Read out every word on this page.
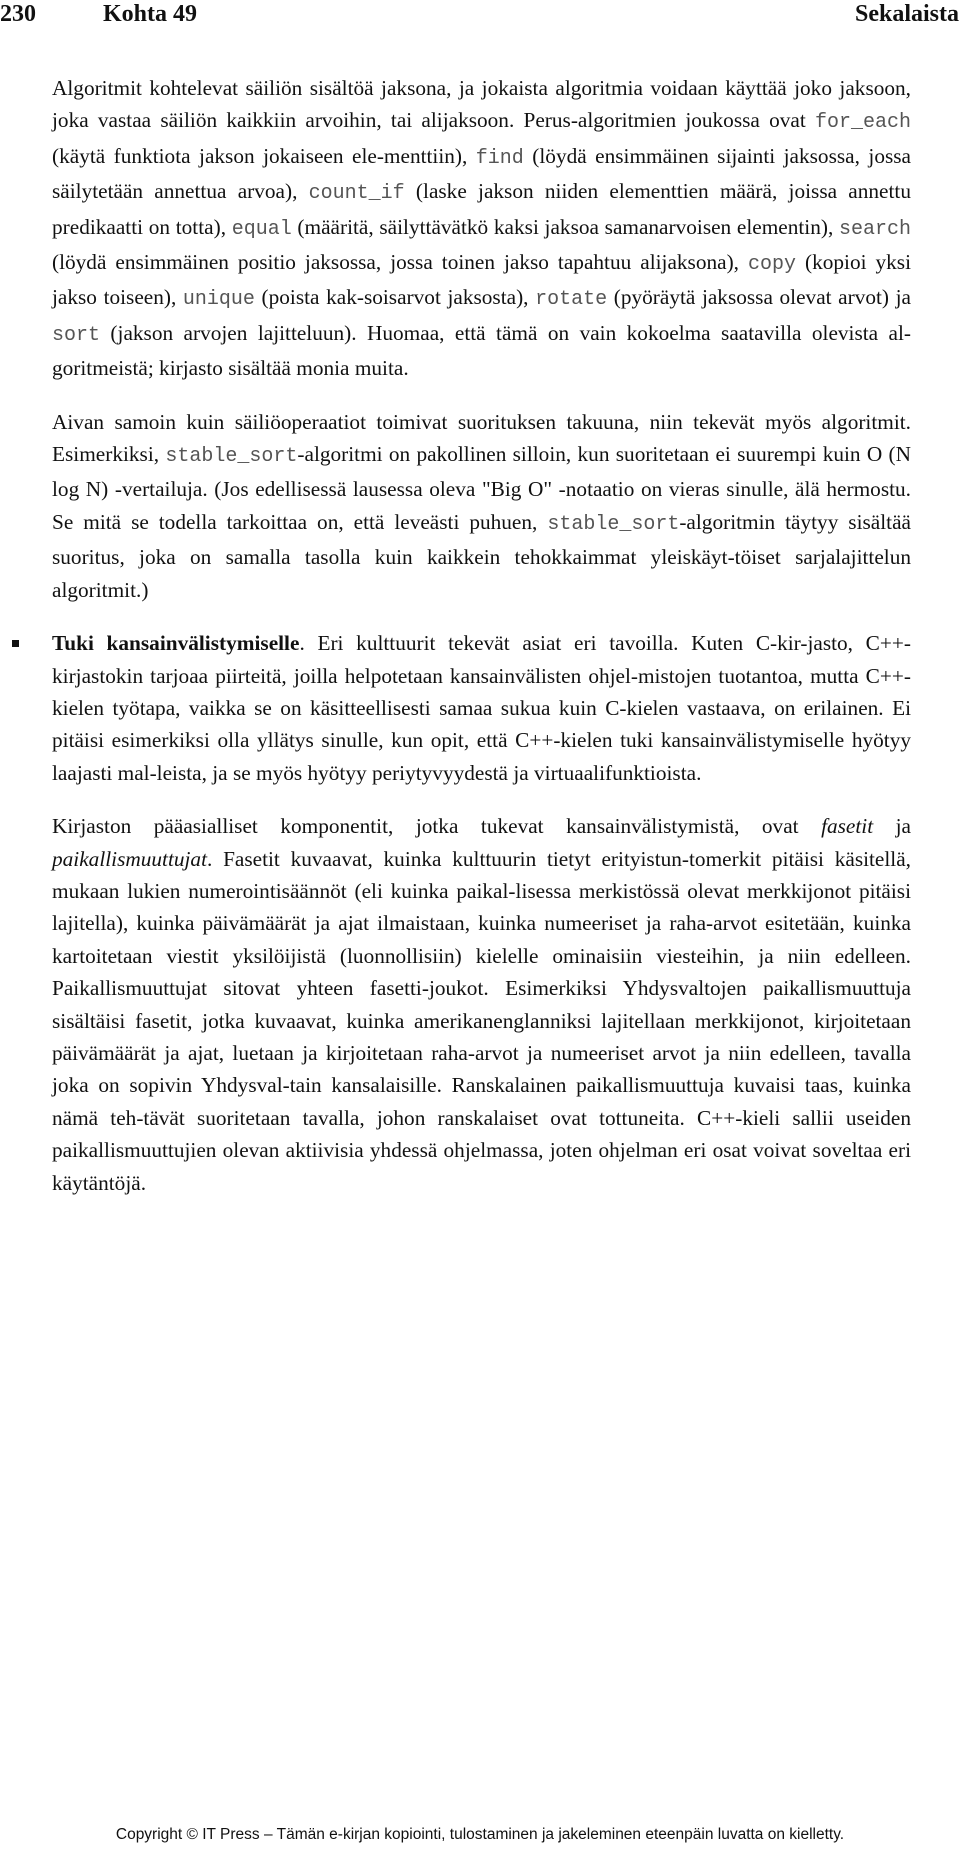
230	Kohta 49	Sekalaista

Algoritmit kohtelevat säiliön sisältöä jaksona, ja jokaista algoritmia voidaan käyttää joko jaksoon, joka vastaa säiliön kaikkiin arvoihin, tai alijaksoon. Perus-algoritmien joukossa ovat for_each (käytä funktiota jakson jokaiseen ele-menttiin), find (löydä ensimmäinen sijainti jaksossa, jossa säilytetään annettua arvoa), count_if (laske jakson niiden elementtien määrä, joissa annettu predikaatti on totta), equal (määritä, säilyttävätkö kaksi jaksoa samanarvoisen elementin), search (löydä ensimmäinen positio jaksossa, jossa toinen jakso tapahtuu alijaksona), copy (kopioi yksi jakso toiseen), unique (poista kak-soisarvot jaksosta), rotate (pyöräytä jaksossa olevat arvot) ja sort (jakson arvojen lajitteluun). Huomaa, että tämä on vain kokoelma saatavilla olevista al-goritmeistä; kirjasto sisältää monia muita.

Aivan samoin kuin säiliöoperaatiot toimivat suorituksen takuuna, niin tekevät myös algoritmit. Esimerkiksi, stable_sort-algoritmi on pakollinen silloin, kun suoritetaan ei suurempi kuin O (N log N) -vertailuja. (Jos edellisessä lausessa oleva "Big O" -notaatio on vieras sinulle, älä hermostu. Se mitä se todella tarkoittaa on, että leveästi puhuen, stable_sort-algoritmin täytyy sisältää suoritus, joka on samalla tasolla kuin kaikkein tehokkaimmat yleiskäyt-töiset sarjalajittelun algoritmit.)

Tuki kansainvälistymiselle. Eri kulttuurit tekevät asiat eri tavoilla. Kuten C-kir-jasto, C++-kirjastokin tarjoaa piirteitä, joilla helpotetaan kansainvälisten ohjel-mistojen tuotantoa, mutta C++-kielen työtapa, vaikka se on käsitteellisesti samaa sukua kuin C-kielen vastaava, on erilainen. Ei pitäisi esimerkiksi olla yllätys sinulle, kun opit, että C++-kielen tuki kansainvälistymiselle hyötyy laajasti mal-leista, ja se myös hyötyy periytyvyydestä ja virtuaalifunktioista.

Kirjaston pääasialliset komponentit, jotka tukevat kansainvälistymistä, ovat fasetit ja paikallismuuttujat. Fasetit kuvaavat, kuinka kulttuurin tietyt erityistun-tomerkit pitäisi käsitellä, mukaan lukien numerointisäännöt (eli kuinka paikal-lisessa merkistössä olevat merkkijonot pitäisi lajitella), kuinka päivämäärät ja ajat ilmaistaan, kuinka numeeriset ja raha-arvot esitetään, kuinka kartoitetaan viestit yksilöijistä (luonnollisiin) kielelle ominaisiin viesteihin, ja niin edelleen. Paikallismuuttujat sitovat yhteen fasetti-joukot. Esimerkiksi Yhdysvaltojen paikallismuuttuja sisältäisi fasetit, jotka kuvaavat, kuinka amerikanenglanniksi lajitellaan merkkijonot, kirjoitetaan päivämäärät ja ajat, luetaan ja kirjoitetaan raha-arvot ja numeeriset arvot ja niin edelleen, tavalla joka on sopivin Yhdysval-tain kansalaisille. Ranskalainen paikallismuuttuja kuvaisi taas, kuinka nämä teh-tävät suoritetaan tavalla, johon ranskalaiset ovat tottuneita. C++-kieli sallii useiden paikallismuuttujien olevan aktiivisia yhdessä ohjelmassa, joten ohjelman eri osat voivat soveltaa eri käytäntöjä.

Copyright © IT Press – Tämän e-kirjan kopiointi, tulostaminen ja jakeleminen eteenpäin luvatta on kielletty.
